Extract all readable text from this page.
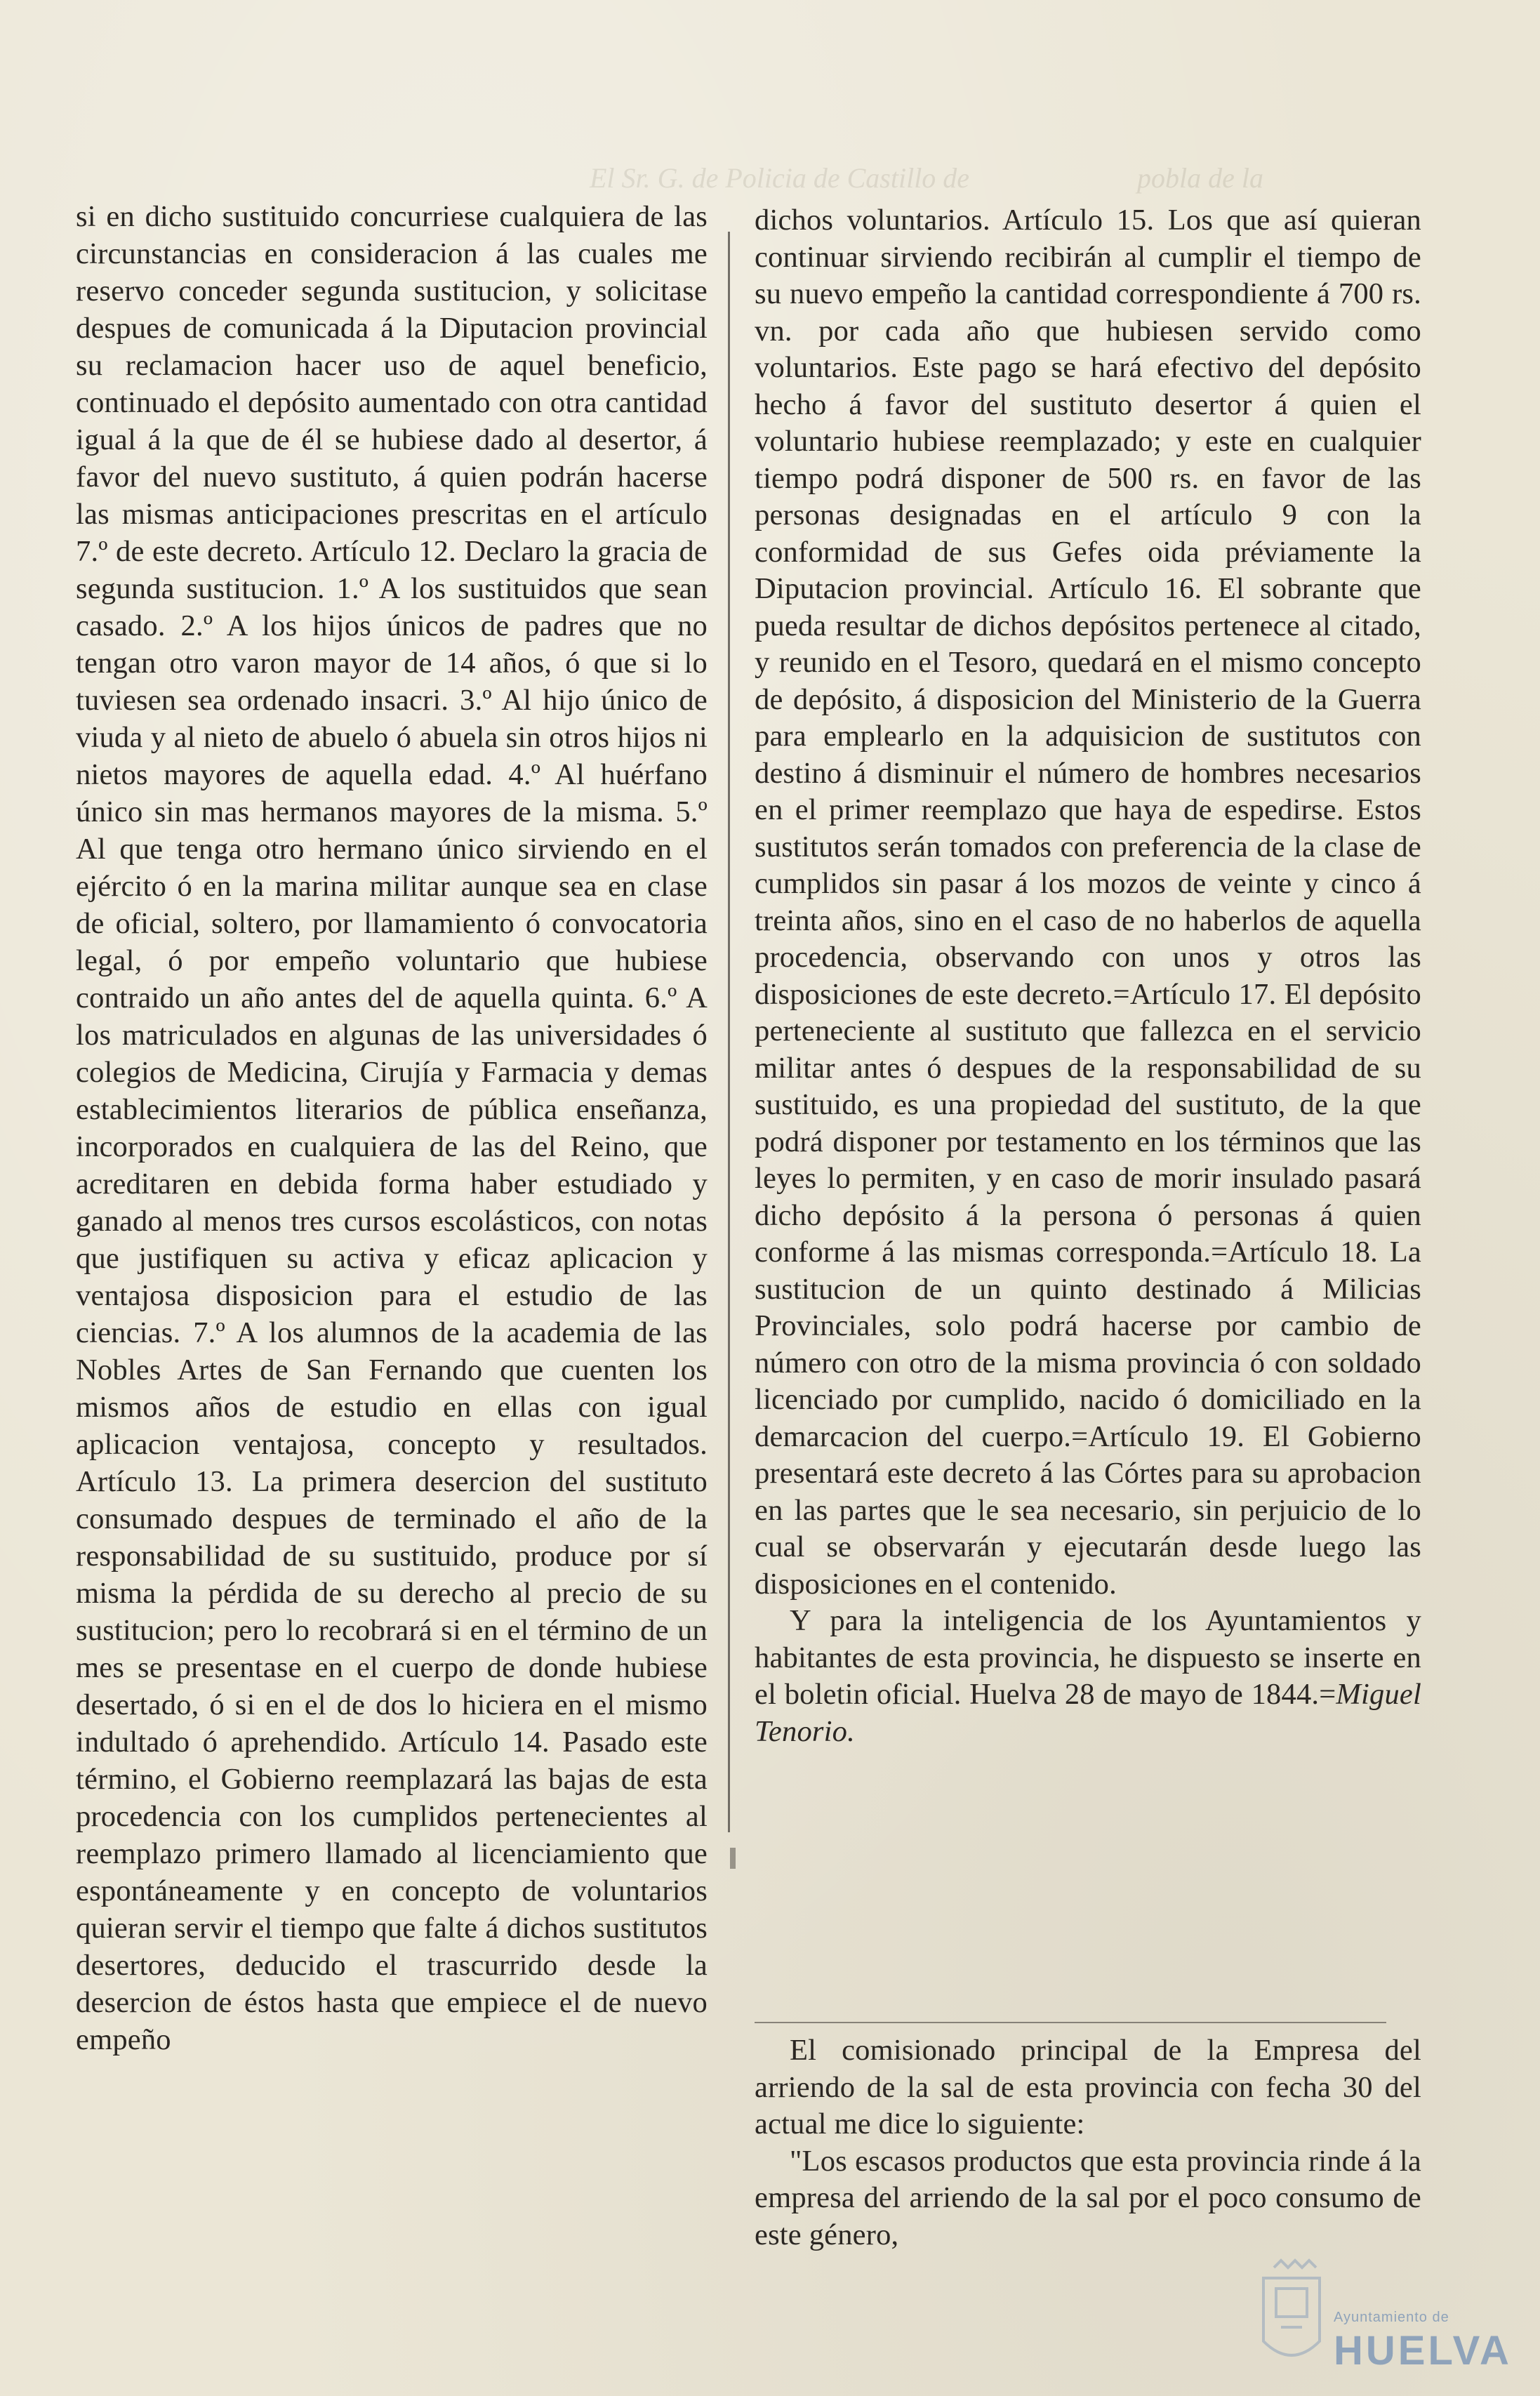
El Sr. G. de Policia de Castillo de	pobla de la

si en dicho sustituido concurriese cualquiera de las circunstancias en consideracion á las cuales me reservo conceder segunda sustitucion, y solicitase despues de comunicada á la Diputacion provincial su reclamacion hacer uso de aquel beneficio, continuado el depósito aumentado con otra cantidad igual á la que de él se hubiese dado al desertor, á favor del nuevo sustituto, á quien podrán hacerse las mismas anticipaciones prescritas en el artículo 7.º de este decreto. Artículo 12. Declaro la gracia de segunda sustitucion. 1.º A los sustituidos que sean casado. 2.º A los hijos únicos de padres que no tengan otro varon mayor de 14 años, ó que si lo tuviesen sea ordenado insacri. 3.º Al hijo único de viuda y al nieto de abuelo ó abuela sin otros hijos ni nietos mayores de aquella edad. 4.º Al huérfano único sin mas hermanos mayores de la misma. 5.º Al que tenga otro hermano único sirviendo en el ejército ó en la marina militar aunque sea en clase de oficial, soltero, por llamamiento ó convocatoria legal, ó por empeño voluntario que hubiese contraido un año antes del de aquella quinta. 6.º A los matriculados en algunas de las universidades ó colegios de Medicina, Cirujía y Farmacia y demas establecimientos literarios de pública enseñanza, incorporados en cualquiera de las del Reino, que acreditaren en debida forma haber estudiado y ganado al menos tres cursos escolásticos, con notas que justifiquen su activa y eficaz aplicacion y ventajosa disposicion para el estudio de las ciencias. 7.º A los alumnos de la academia de las Nobles Artes de San Fernando que cuenten los mismos años de estudio en ellas con igual aplicacion ventajosa, concepto y resultados. Artículo 13. La primera desercion del sustituto consumado despues de terminado el año de la responsabilidad de su sustituido, produce por sí misma la pérdida de su derecho al precio de su sustitucion; pero lo recobrará si en el término de un mes se presentase en el cuerpo de donde hubiese desertado, ó si en el de dos lo hiciera en el mismo indultado ó aprehendido. Artículo 14. Pasado este término, el Gobierno reemplazará las bajas de esta procedencia con los cumplidos pertenecientes al reemplazo primero llamado al licenciamiento que espontáneamente y en concepto de voluntarios quieran servir el tiempo que falte á dichos sustitutos desertores, deducido el trascurrido desde la desercion de éstos hasta que empiece el de nuevo empeño

dichos voluntarios. Artículo 15. Los que así quieran continuar sirviendo recibirán al cumplir el tiempo de su nuevo empeño la cantidad correspondiente á 700 rs. vn. por cada año que hubiesen servido como voluntarios. Este pago se hará efectivo del depósito hecho á favor del sustituto desertor á quien el voluntario hubiese reemplazado; y este en cualquier tiempo podrá disponer de 500 rs. en favor de las personas designadas en el artículo 9 con la conformidad de sus Gefes oida préviamente la Diputacion provincial. Artículo 16. El sobrante que pueda resultar de dichos depósitos pertenece al citado, y reunido en el Tesoro, quedará en el mismo concepto de depósito, á disposicion del Ministerio de la Guerra para emplearlo en la adquisicion de sustitutos con destino á disminuir el número de hombres necesarios en el primer reemplazo que haya de espedirse. Estos sustitutos serán tomados con preferencia de la clase de cumplidos sin pasar á los mozos de veinte y cinco á treinta años, sino en el caso de no haberlos de aquella procedencia, observando con unos y otros las disposiciones de este decreto.=Artículo 17. El depósito perteneciente al sustituto que fallezca en el servicio militar antes ó despues de la responsabilidad de su sustituido, es una propiedad del sustituto, de la que podrá disponer por testamento en los términos que las leyes lo permiten, y en caso de morir insulado pasará dicho depósito á la persona ó personas á quien conforme á las mismas corresponda.=Artículo 18. La sustitucion de un quinto destinado á Milicias Provinciales, solo podrá hacerse por cambio de número con otro de la misma provincia ó con soldado licenciado por cumplido, nacido ó domiciliado en la demarcacion del cuerpo.=Artículo 19. El Gobierno presentará este decreto á las Córtes para su aprobacion en las partes que le sea necesario, sin perjuicio de lo cual se observarán y ejecutarán desde luego las disposiciones en el contenido.

Y para la inteligencia de los Ayuntamientos y habitantes de esta provincia, he dispuesto se inserte en el boletin oficial. Huelva 28 de mayo de 1844.=Miguel Tenorio.

El comisionado principal de la Empresa del arriendo de la sal de esta provincia con fecha 30 del actual me dice lo siguiente:

"Los escasos productos que esta provincia rinde á la empresa del arriendo de la sal por el poco consumo de este género,

Ayuntamiento de
HUELVA
